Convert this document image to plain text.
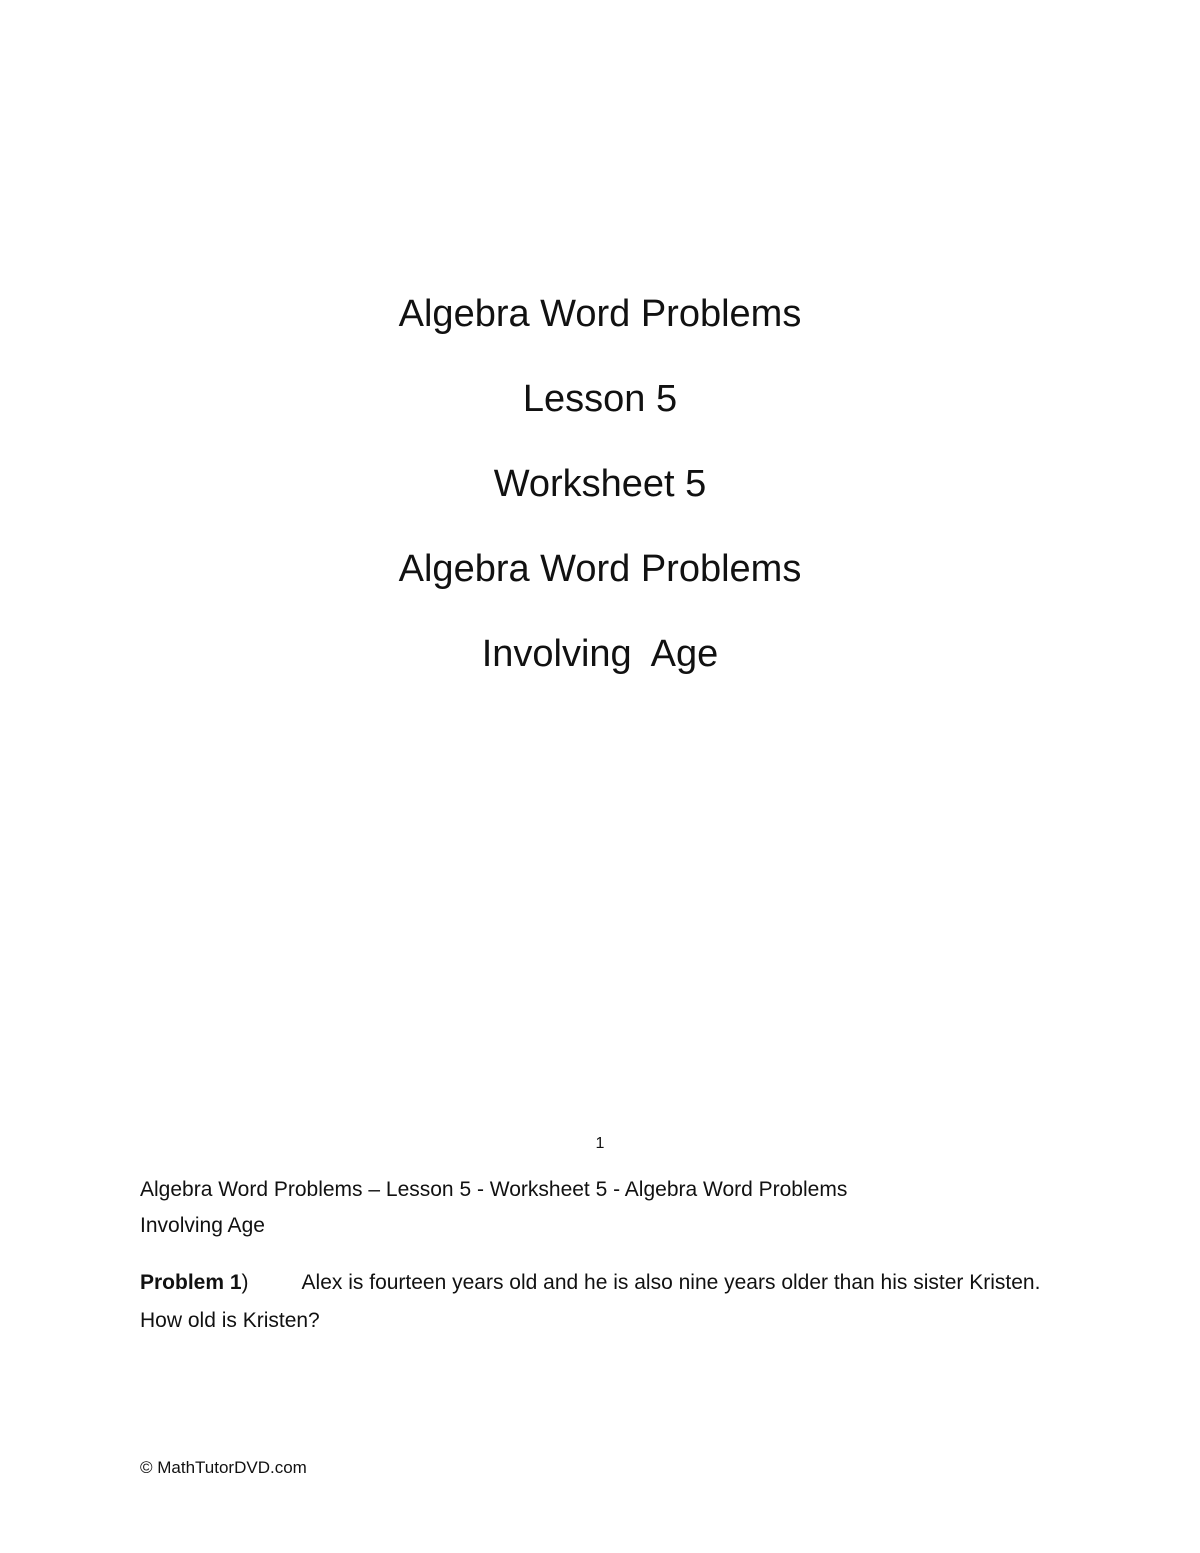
Algebra Word Problems
Lesson 5
Worksheet 5
Algebra Word Problems
Involving  Age
1
Algebra Word Problems – Lesson 5 - Worksheet 5 - Algebra Word Problems
Involving Age
Problem 1)	Alex is fourteen years old and he is also nine years older than his sister Kristen. How old is Kristen?
© MathTutorDVD.com
